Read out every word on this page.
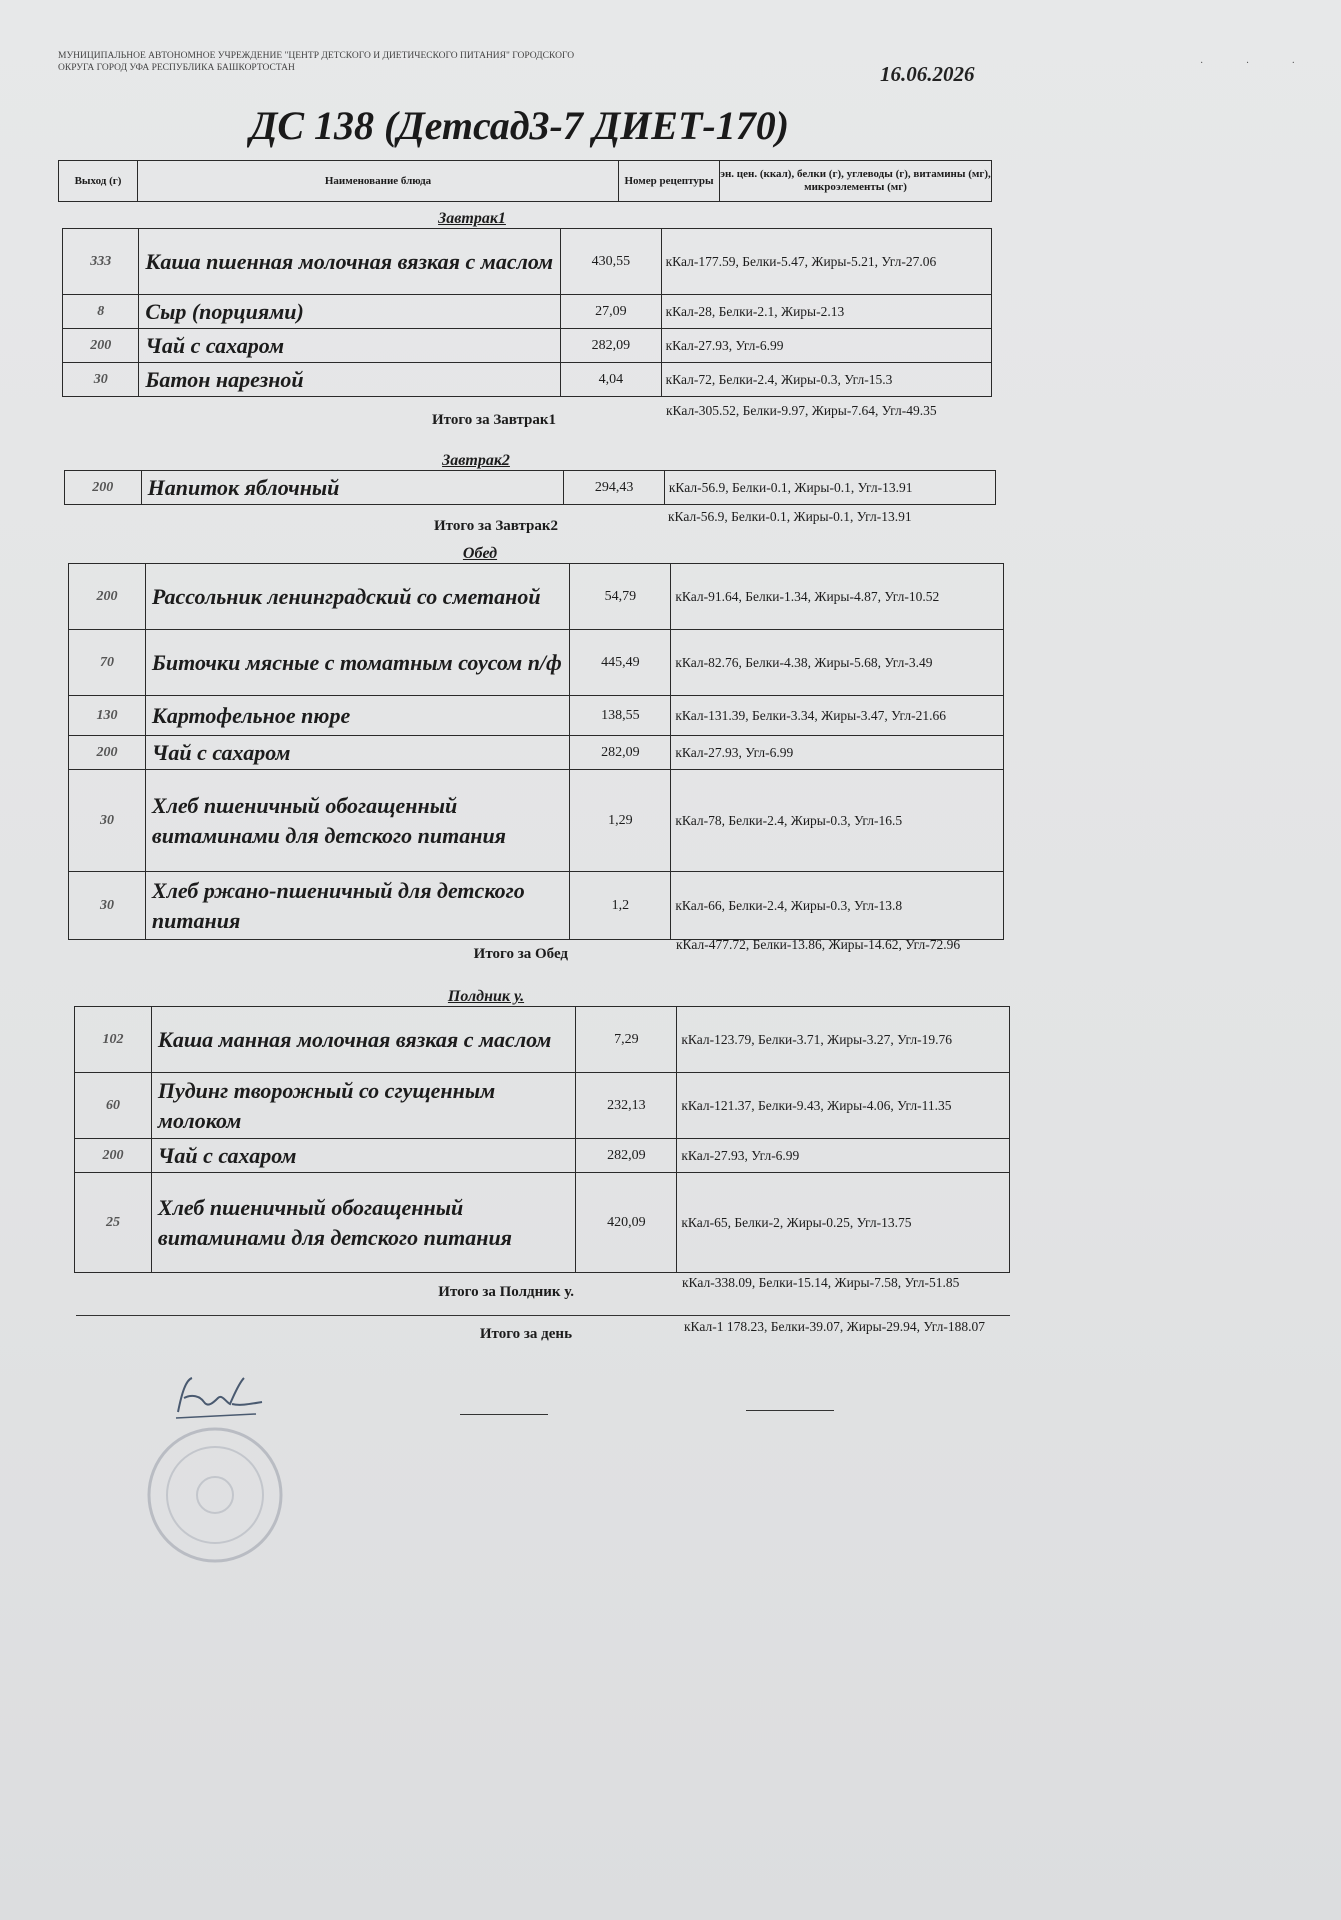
МУНИЦИПАЛЬНОЕ АВТОНОМНОЕ УЧРЕЖДЕНИЕ "ЦЕНТР ДЕТСКОГО И ДИЕТИЧЕСКОГО ПИТАНИЯ" ГОРОДСКОГО ОКРУГА ГОРОД УФА РЕСПУБЛИКА БАШКОРТОСТАН	16.06.2026	· · ·
ДС 138 (Детсад3-7 ДИЕТ-170)
Выход (г)	Наименование блюда	Номер рецептуры	эн. цен. (ккал), белки (г), углеводы (г), витамины (мг), микроэлементы (мг)
Завтрак1
333	Каша пшенная молочная вязкая с маслом	430,55	кКал-177.59, Белки-5.47, Жиры-5.21, Угл-27.06
8	Сыр (порциями)	27,09	кКал-28, Белки-2.1, Жиры-2.13
200	Чай с сахаром	282,09	кКал-27.93, Угл-6.99
30	Батон нарезной	4,04	кКал-72, Белки-2.4, Жиры-0.3, Угл-15.3
Итого за Завтрак1
кКал-305.52, Белки-9.97, Жиры-7.64, Угл-49.35
Завтрак2
200	Напиток яблочный	294,43	кКал-56.9, Белки-0.1, Жиры-0.1, Угл-13.91
Итого за Завтрак2
кКал-56.9, Белки-0.1, Жиры-0.1, Угл-13.91
Обед
200	Рассольник ленинградский со сметаной	54,79	кКал-91.64, Белки-1.34, Жиры-4.87, Угл-10.52
70	Биточки мясные с томатным соусом п/ф	445,49	кКал-82.76, Белки-4.38, Жиры-5.68, Угл-3.49
130	Картофельное пюре	138,55	кКал-131.39, Белки-3.34, Жиры-3.47, Угл-21.66
200	Чай с сахаром	282,09	кКал-27.93, Угл-6.99
30	Хлеб пшеничный обогащенный витаминами для детского питания	1,29	кКал-78, Белки-2.4, Жиры-0.3, Угл-16.5
30	Хлеб ржано-пшеничный для детского питания	1,2	кКал-66, Белки-2.4, Жиры-0.3, Угл-13.8
Итого за Обед
кКал-477.72, Белки-13.86, Жиры-14.62, Угл-72.96
Полдник у.
102	Каша манная молочная вязкая с маслом	7,29	кКал-123.79, Белки-3.71, Жиры-3.27, Угл-19.76
60	Пудинг творожный со сгущенным молоком	232,13	кКал-121.37, Белки-9.43, Жиры-4.06, Угл-11.35
200	Чай с сахаром	282,09	кКал-27.93, Угл-6.99
25	Хлеб пшеничный обогащенный витаминами для детского питания	420,09	кКал-65, Белки-2, Жиры-0.25, Угл-13.75
Итого за Полдник у.
кКал-338.09, Белки-15.14, Жиры-7.58, Угл-51.85
Итого за день	кКал-1 178.23, Белки-39.07, Жиры-29.94, Угл-188.07
